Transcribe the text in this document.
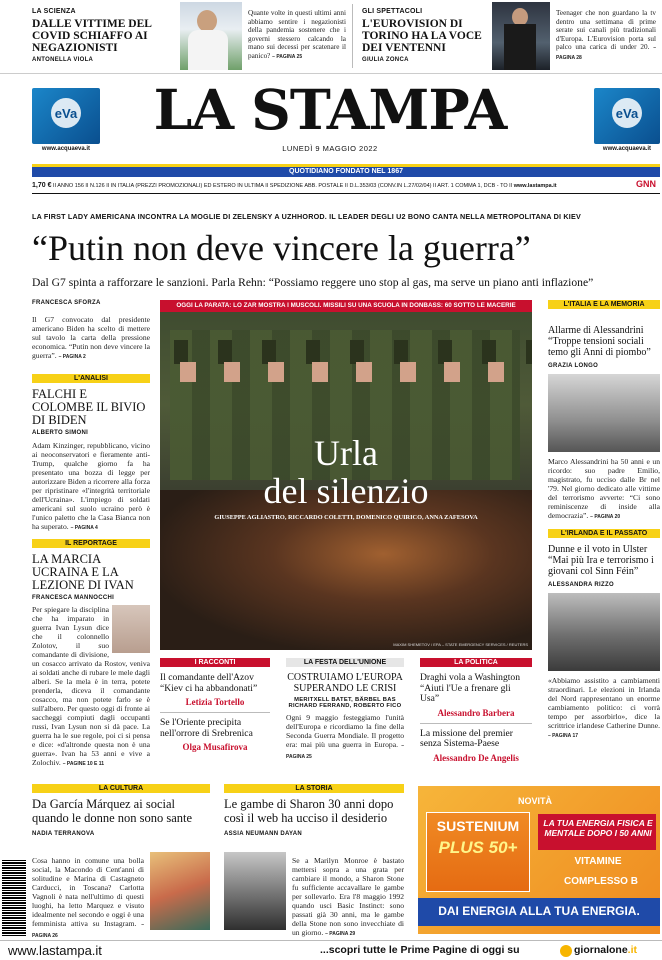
LA SCIENZA
DALLE VITTIME DEL COVID SCHIAFFO AI NEGAZIONISTI
ANTONELLA VIOLA
Quante volte in questi ultimi anni abbiamo sentire i negazionisti della pandemia sostenere che i governi stessero calcando la mano sui decessi per scatenare il panico? – PAGINA 25
GLI SPETTACOLI
L'EUROVISION DI TORINO HA LA VOCE DEI VENTENNI
GIULIA ZONCA
Teenager che non guardano la tv dentro una settimana di prime serate sui canali più tradizionali d'Europa. L'Eurovision porta sul palco una carica di under 20. – PAGINA 28
eVa
www.acquaeva.it
eVa
www.acquaeva.it
LA STAMPA
LUNEDÌ 9 MAGGIO 2022
QUOTIDIANO FONDATO NEL 1867
1,70 € II ANNO 156 II N.126 II IN ITALIA (PREZZI PROMOZIONALI) ED ESTERO IN ULTIMA II SPEDIZIONE ABB. POSTALE II D.L.353/03 (CONV.IN L.27/02/04) II ART. 1 COMMA 1, DCB - TO II www.lastampa.it	GNN
LA FIRST LADY AMERICANA INCONTRA LA MOGLIE DI ZELENSKY A UZHHOROD. IL LEADER DEGLI U2 BONO CANTA NELLA METROPOLITANA DI KIEV
“Putin non deve vincere la guerra”
Dal G7 spinta a rafforzare le sanzioni. Parla Rehn: “Possiamo reggere uno stop al gas, ma serve un piano anti inflazione”
FRANCESCA SFORZA
Il G7 convocato dal presidente americano Biden ha scelto di mettere sul tavolo la carta della pressione economica. “Putin non deve vincere la guerra”. – PAGINA 2
L'ANALISI
FALCHI E COLOMBE IL BIVIO DI BIDEN
ALBERTO SIMONI
Adam Kinzinger, repubblicano, vicino ai neoconservatori e fieramente anti-Trump, qualche giorno fa ha presentato una bozza di legge per autorizzare Biden a ricorrere alla forza per ripristinare «l'integrità territoriale dell'Ucraina». L'impiego di soldati americani sul suolo ucraino però è l'unico paletto che la Casa Bianca non ha superato. – PAGINA 4
IL REPORTAGE
LA MARCIA UCRAINA E LA LEZIONE DI IVAN
FRANCESCA MANNOCCHI
Per spiegare la disciplina che ha imparato in guerra Ivan Lysun dice che il colonnello Zolotov, il suo comandante di divisione, un cosacco arrivato da Rostov, veniva ai soldati anche di rubare le mele dagli alberi. Se la mela è in terra, potete prenderla, diceva il comandante cosacco, ma non potete farlo se è sull'albero. Per questo oggi di fronte ai saccheggi compiuti dagli occupanti russi, Ivan Lysun non si dà pace. La guerra ha le sue regole, poi ci si pensa e dice: «d'altronde questa non è una guerra». Ivan ha 53 anni e vive a Zolochiv. – PAGINE 10 E 11
OGGI LA PARATA: LO ZAR MOSTRA I MUSCOLI. MISSILI SU UNA SCUOLA IN DONBASS: 60 SOTTO LE MACERIE
Urla
del silenzio
GIUSEPPE AGLIASTRO, RICCARDO COLETTI, DOMENICO QUIRICO, ANNA ZAFESOVA
MAXIM SHEMETOV / EPA – STATE EMERGENCY SERVICES / REUTERS
I RACCONTI
Il comandante dell'Azov “Kiev ci ha abbandonati”
Letizia Tortello
Se l'Oriente precipita nell'orrore di Srebrenica
Olga Musafirova
LA FESTA DELL'UNIONE
COSTRUIAMO L'EUROPA SUPERANDO LE CRISI
MERITXELL BATET, BÄRBEL BAS RICHARD FERRAND, ROBERTO FICO
Ogni 9 maggio festeggiamo l'unità dell'Europa e ricordiamo la fine della Seconda Guerra Mondiale. Il progetto era: mai più una guerra in Europa. – PAGINA 25
LA POLITICA
Draghi vola a Washington “Aiuti l'Ue a frenare gli Usa”
Alessandro Barbera
La missione del premier senza Sistema-Paese
Alessandro De Angelis
L'ITALIA E LA MEMORIA
Allarme di Alessandrini “Troppe tensioni sociali temo gli Anni di piombo”
GRAZIA LONGO
Marco Alessandrini ha 50 anni e un ricordo: suo padre Emilio, magistrato, fu ucciso dalle Br nel '79. Nel giorno dedicato alle vittime del terrorismo avverte: “Ci sono reminiscenze di inside alla democrazia”. – PAGINA 20
L'IRLANDA E IL PASSATO
Dunne e il voto in Ulster “Mai più Ira e terrorismo i giovani col Sinn Féin”
ALESSANDRA RIZZO
«Abbiamo assistito a cambiamenti straordinari. Le elezioni in Irlanda del Nord rappresentano un enorme cambiamento politico: ci vorrà tempo per assorbirlo», dice la scrittrice irlandese Catherine Dunne. – PAGINA 17
LA CULTURA
Da García Márquez ai social quando le donne non sono sante
NADIA TERRANOVA
Cosa hanno in comune una bolla social, la Macondo di Cent'anni di solitudine e Marina di Castagneto Carducci, in Toscana? Carlotta Vagnoli è nata nell'ultimo di questi luoghi, ha letto Marquez e visuto idealmente nel secondo e oggi è una femminista attiva su Instagram. – PAGINA 26
LA STORIA
Le gambe di Sharon 30 anni dopo così il web ha ucciso il desiderio
ASSIA NEUMANN DAYAN
Se a Marilyn Monroe è bastato mettersi sopra a una grata per cambiare il mondo, a Sharon Stone fu sufficiente accavallare le gambe per sollevarlo. Era l'8 maggio 1992 quando usci Basic Instinct: sono passati già 30 anni, ma le gambe della Stone non sono invecchiate di un giorno. – PAGINA 29
NOVITÀ
SUSTENIUM
PLUS 50+
LA TUA ENERGIA FISICA E MENTALE DOPO I 50 ANNI
VITAMINE
COMPLESSO B
DAI ENERGIA ALLA TUA ENERGIA.
www.lastampa.it	...scopri tutte le Prime Pagine di oggi su	giornalone.it
